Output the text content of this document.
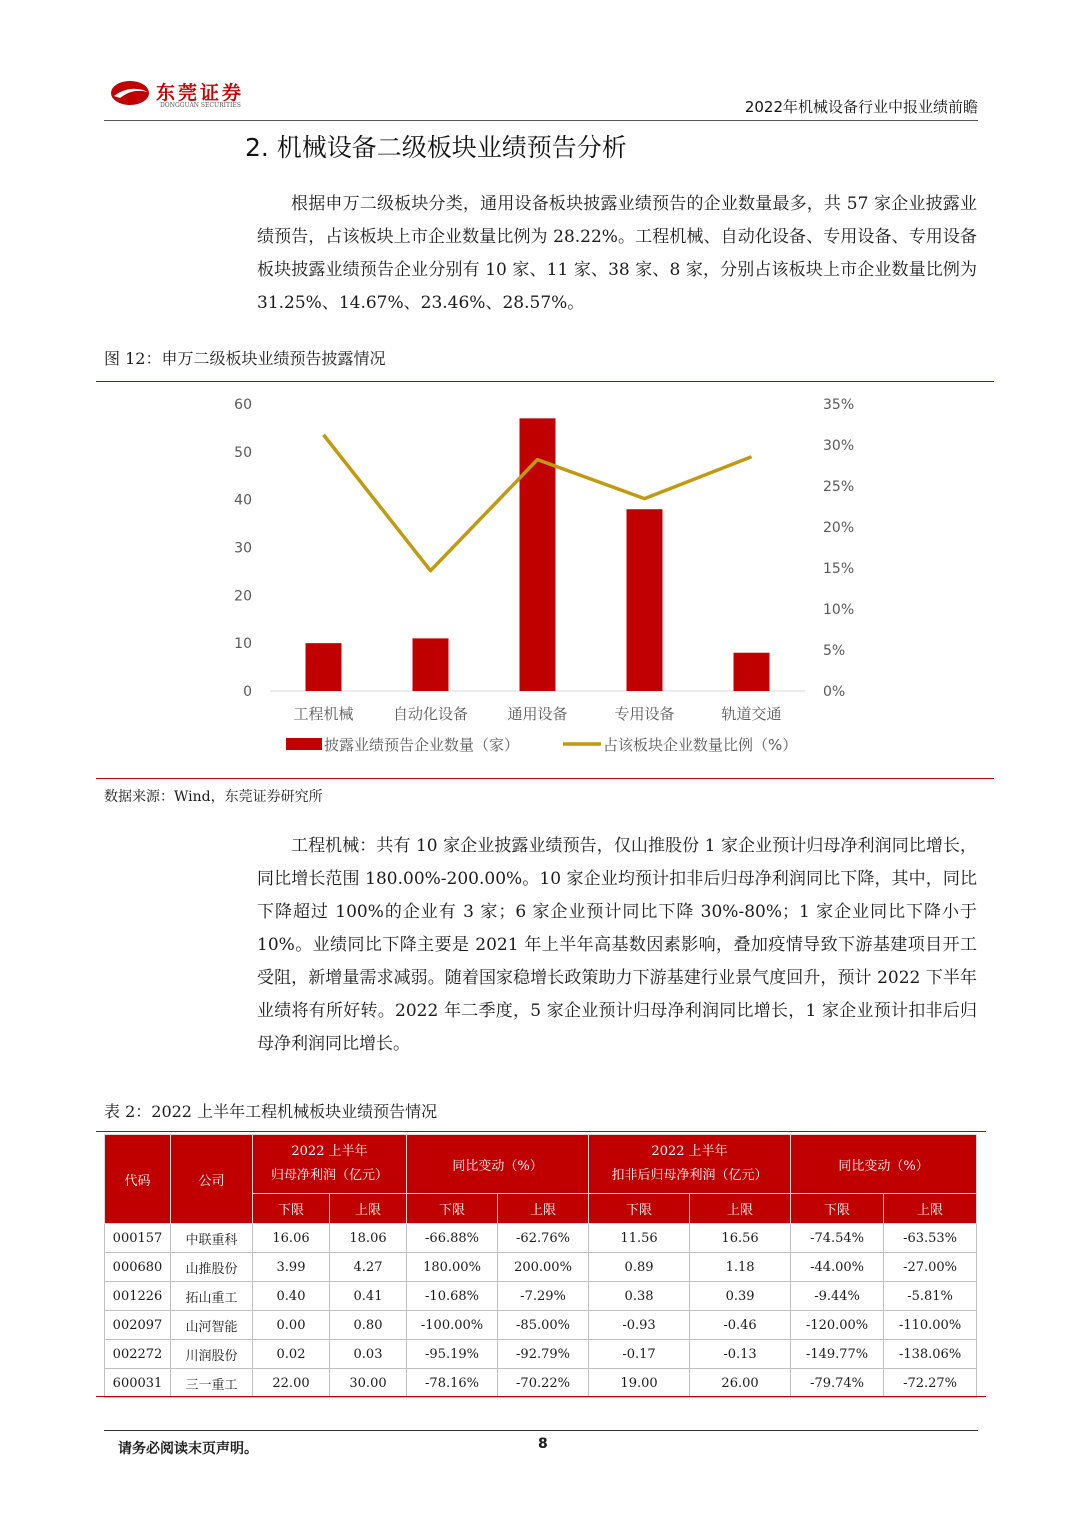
东莞证券
DONGGUAN SECURITIES	2022年机械设备行业中报业绩前瞻
2. 机械设备二级板块业绩预告分析

根据申万二级板块分类，通用设备板块披露业绩预告的企业数量最多，共 57 家企业披露业绩预告，占该板块上市企业数量比例为 28.22%。工程机械、自动化设备、专用设备、专用设备板块披露业绩预告企业分别有 10 家、11 家、38 家、8 家，分别占该板块上市企业数量比例为 31.25%、14.67%、23.46%、28.57%。

图 12：申万二级板块业绩预告披露情况
0
10
20
30
40
50
60
0%
5%
10%
15%
20%
25%
30%
35%
工程机械	自动化设备	通用设备	专用设备	轨道交通
披露业绩预告企业数量（家）	占该板块企业数量比例（%）
数据来源：Wind，东莞证券研究所

工程机械：共有 10 家企业披露业绩预告，仅山推股份 1 家企业预计归母净利润同比增长，同比增长范围 180.00%-200.00%。10 家企业均预计扣非后归母净利润同比下降，其中，同比下降超过 100%的企业有 3 家；6 家企业预计同比下降 30%-80%；1 家企业同比下降小于 10%。业绩同比下降主要是 2021 年上半年高基数因素影响，叠加疫情导致下游基建项目开工受阻，新增量需求减弱。随着国家稳增长政策助力下游基建行业景气度回升，预计 2022 下半年业绩将有所好转。2022 年二季度，5 家企业预计归母净利润同比增长，1 家企业预计扣非后归母净利润同比增长。

表 2：2022 上半年工程机械板块业绩预告情况
代码	公司	2022 上半年
归母净利润（亿元）		同比变动（%）		2022 上半年
扣非后归母净利润（亿元）		同比变动（%）	
		下限	上限	下限	上限	下限	上限	下限	上限
000157	中联重科	16.06	18.06	-66.88%	-62.76%	11.56	16.56	-74.54%	-63.53%
000680	山推股份	3.99	4.27	180.00%	200.00%	0.89	1.18	-44.00%	-27.00%
001226	拓山重工	0.40	0.41	-10.68%	-7.29%	0.38	0.39	-9.44%	-5.81%
002097	山河智能	0.00	0.80	-100.00%	-85.00%	-0.93	-0.46	-120.00%	-110.00%
002272	川润股份	0.02	0.03	-95.19%	-92.79%	-0.17	-0.13	-149.77%	-138.06%
600031	三一重工	22.00	30.00	-78.16%	-70.22%	19.00	26.00	-79.74%	-72.27%
请务必阅读末页声明。	8
